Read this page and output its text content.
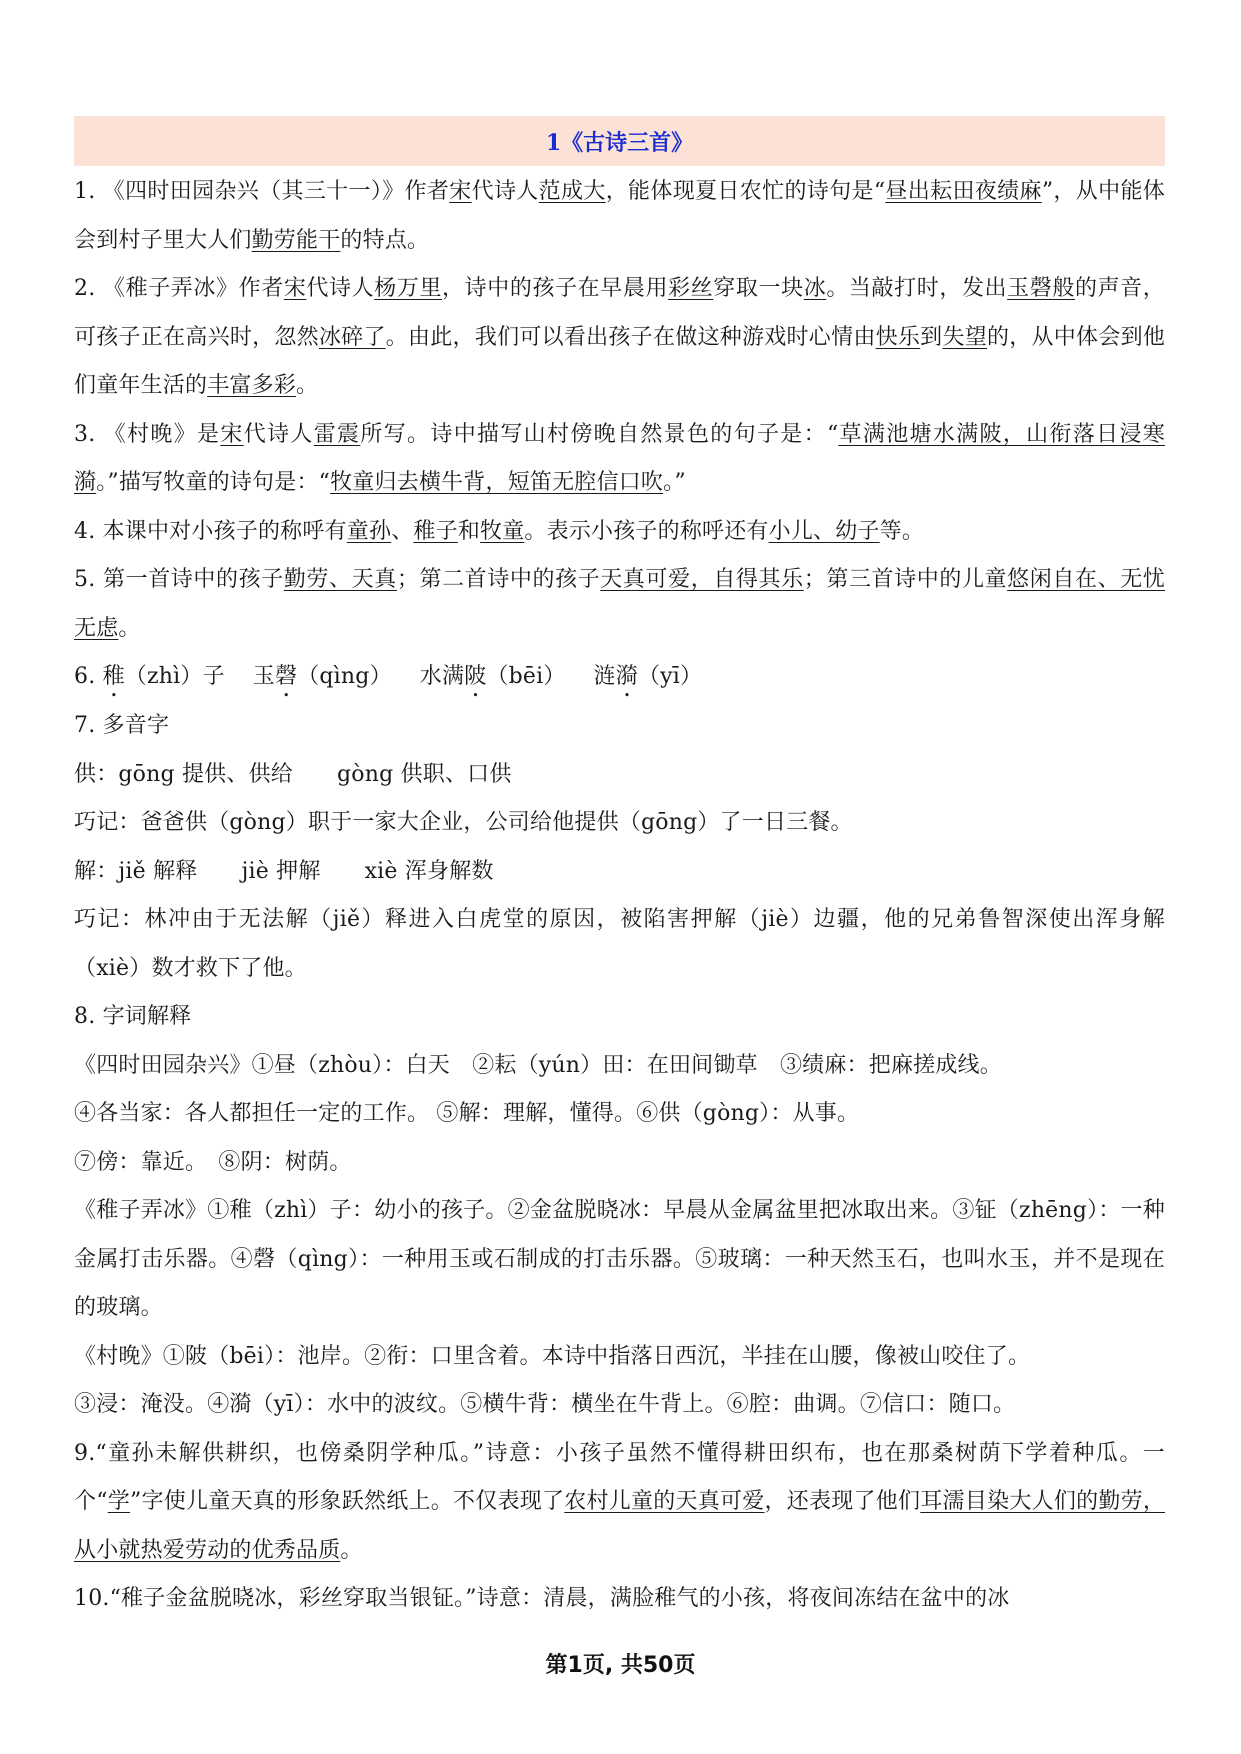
1《古诗三首》

1. 《四时田园杂兴（其三十一）》作者宋代诗人范成大，能体现夏日农忙的诗句是“昼出耘田夜绩麻”，从中能体会到村子里大人们勤劳能干的特点。

2. 《稚子弄冰》作者宋代诗人杨万里，诗中的孩子在早晨用彩丝穿取一块冰。当敲打时，发出玉磬般的声音，可孩子正在高兴时，忽然冰碎了。由此，我们可以看出孩子在做这种游戏时心情由快乐到失望的，从中体会到他们童年生活的丰富多彩。

3. 《村晚》是宋代诗人雷震所写。诗中描写山村傍晚自然景色的句子是：“草满池塘水满陂，山衔落日浸寒漪。”描写牧童的诗句是：“牧童归去横牛背，短笛无腔信口吹。”

4. 本课中对小孩子的称呼有童孙、稚子和牧童。表示小孩子的称呼还有小儿、幼子等。

5. 第一首诗中的孩子勤劳、天真；第二首诗中的孩子天真可爱，自得其乐；第三首诗中的儿童悠闲自在、无忧无虑。

6. 稚（zhì）子 玉磬（qìng） 水满陂（bēi） 涟漪（yī）

7. 多音字

供：gōng 提供、供给 gòng 供职、口供

巧记：爸爸供（gòng）职于一家大企业，公司给他提供（gōng）了一日三餐。

解：jiě 解释 jiè 押解 xiè 浑身解数

巧记：林冲由于无法解（jiě）释进入白虎堂的原因，被陷害押解（jiè）边疆，他的兄弟鲁智深使出浑身解（xiè）数才救下了他。

8. 字词解释

《四时田园杂兴》①昼（zhòu）：白天　②耘（yún）田：在田间锄草　③绩麻：把麻搓成线。

④各当家：各人都担任一定的工作。 ⑤解：理解，懂得。⑥供（gòng）：从事。

⑦傍：靠近。　⑧阴：树荫。

《稚子弄冰》①稚（zhì）子：幼小的孩子。②金盆脱晓冰：早晨从金属盆里把冰取出来。③钲（zhēng）：一种金属打击乐器。④磬（qìng）：一种用玉或石制成的打击乐器。⑤玻璃：一种天然玉石，也叫水玉，并不是现在的玻璃。

《村晚》①陂（bēi）：池岸。②衔：口里含着。本诗中指落日西沉，半挂在山腰，像被山咬住了。

③浸：淹没。④漪（yī）：水中的波纹。⑤横牛背：横坐在牛背上。⑥腔：曲调。⑦信口：随口。

9.“童孙未解供耕织，也傍桑阴学种瓜。”诗意：小孩子虽然不懂得耕田织布，也在那桑树荫下学着种瓜。一个“学”字使儿童天真的形象跃然纸上。不仅表现了农村儿童的天真可爱，还表现了他们耳濡目染大人们的勤劳，从小就热爱劳动的优秀品质。

10.“稚子金盆脱晓冰，彩丝穿取当银钲。”诗意：清晨，满脸稚气的小孩，将夜间冻结在盆中的冰

第1页, 共50页
